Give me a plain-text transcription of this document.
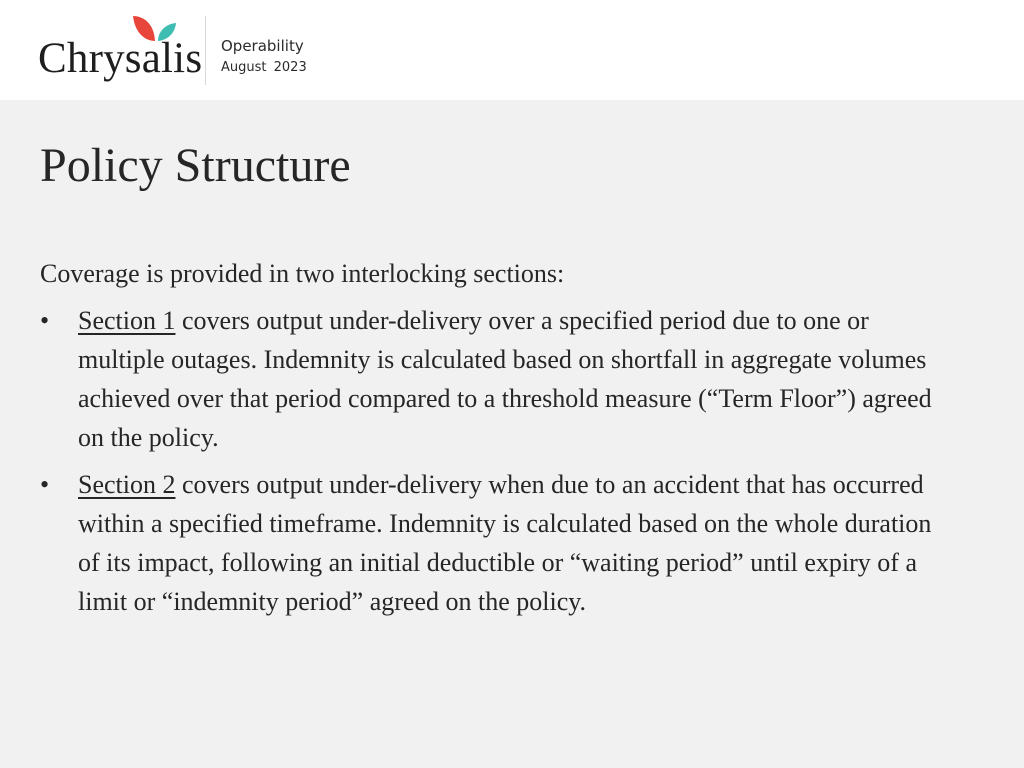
Chrysalis Operability
August 2023
Policy Structure

Coverage is provided in two interlocking sections:

• Section 1 covers output under-delivery over a specified period due to one or multiple outages. Indemnity is calculated based on shortfall in aggregate volumes achieved over that period compared to a threshold measure (“Term Floor”) agreed on the policy.
• Section 2 covers output under-delivery when due to an accident that has occurred within a specified timeframe. Indemnity is calculated based on the whole duration of its impact, following an initial deductible or “waiting period” until expiry of a limit or “indemnity period” agreed on the policy.
